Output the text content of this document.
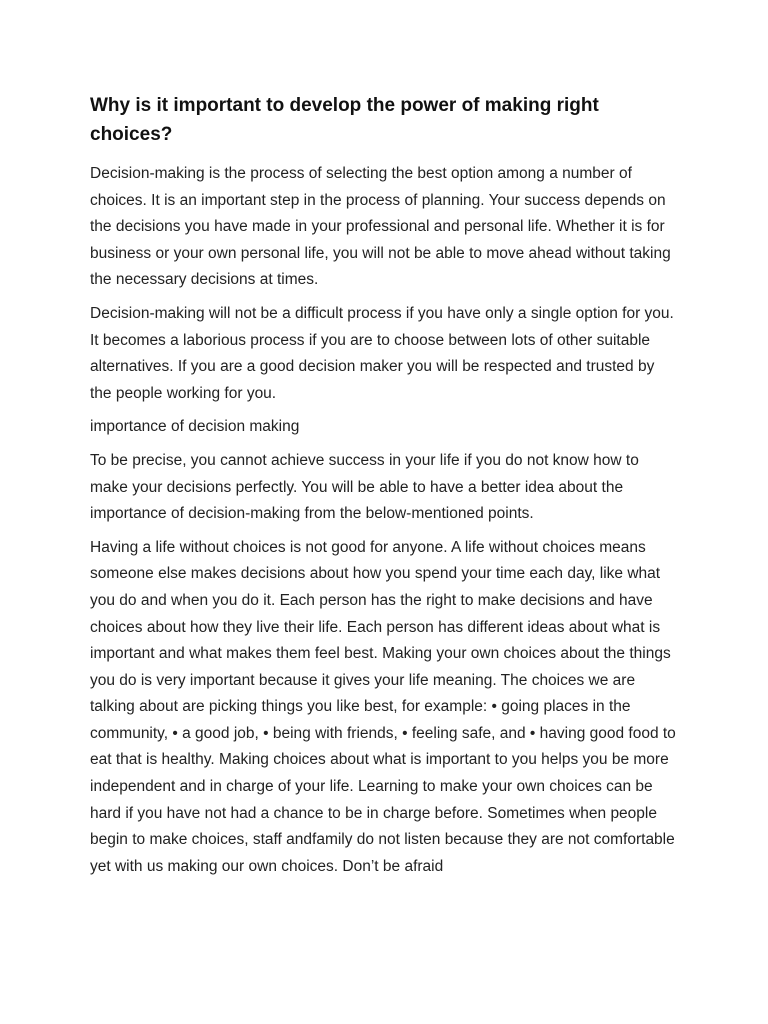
Why is it important to develop the power of making right choices?

Decision-making is the process of selecting the best option among a number of choices. It is an important step in the process of planning. Your success depends on the decisions you have made in your professional and personal life. Whether it is for business or your own personal life, you will not be able to move ahead without taking the necessary decisions at times.

Decision-making will not be a difficult process if you have only a single option for you. It becomes a laborious process if you are to choose between lots of other suitable alternatives. If you are a good decision maker you will be respected and trusted by the people working for you.

importance of decision making

To be precise, you cannot achieve success in your life if you do not know how to make your decisions perfectly. You will be able to have a better idea about the importance of decision-making from the below-mentioned points.

Having a life without choices is not good for anyone. A life without choices means someone else makes decisions about how you spend your time each day, like what you do and when you do it. Each person has the right to make decisions and have choices about how they live their life. Each person has different ideas about what is important and what makes them feel best. Making your own choices about the things you do is very important because it gives your life meaning. The choices we are talking about are picking things you like best, for example: • going places in the community, • a good job, • being with friends, • feeling safe, and • having good food to eat that is healthy. Making choices about what is important to you helps you be more independent and in charge of your life. Learning to make your own choices can be hard if you have not had a chance to be in charge before. Sometimes when people begin to make choices, staff andfamily do not listen because they are not comfortable yet with us making our own choices. Don’t be afraid
